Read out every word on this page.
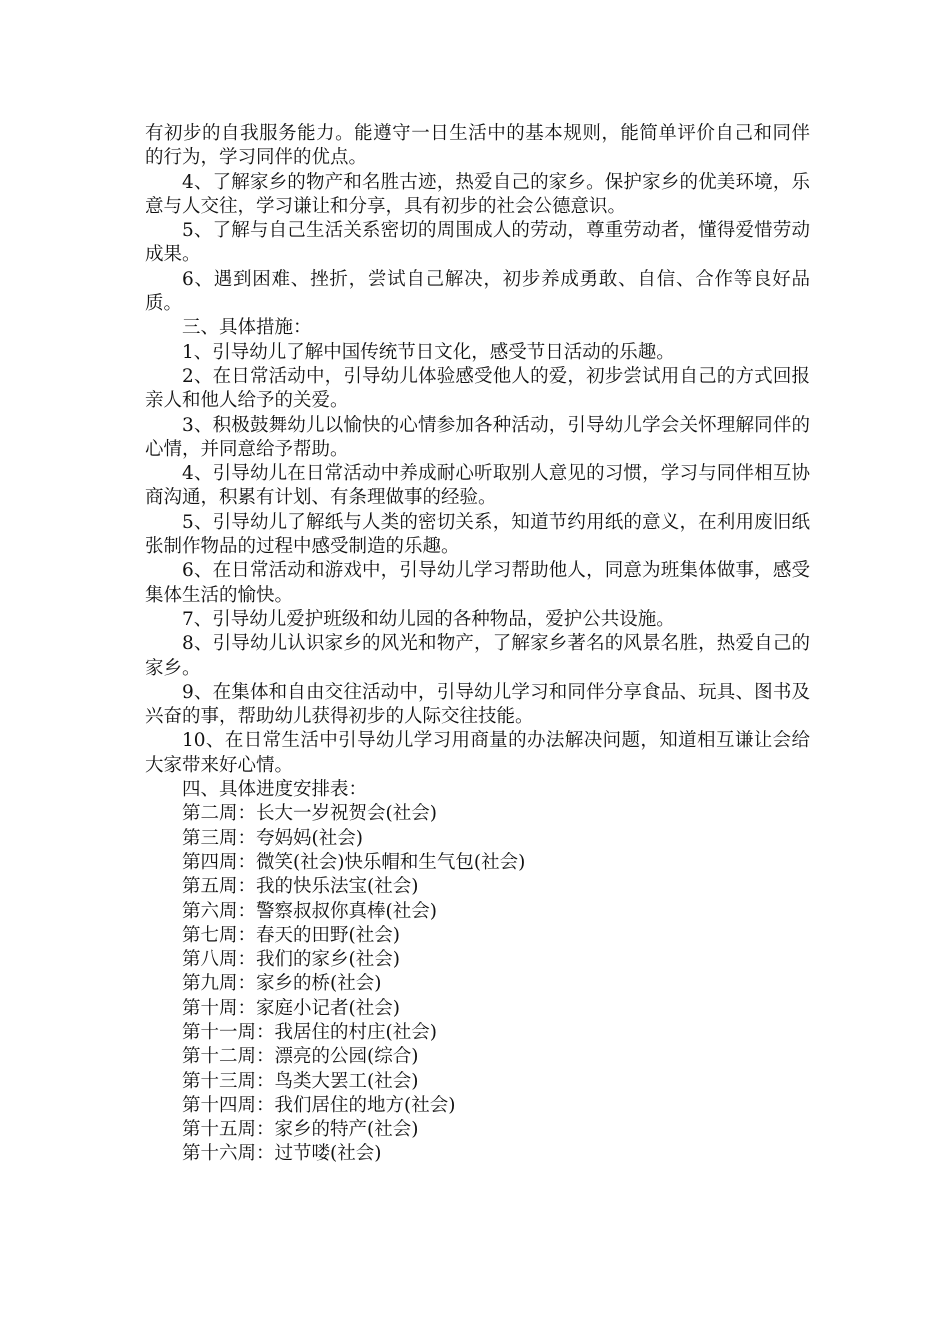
有初步的自我服务能力。能遵守一日生活中的基本规则，能简单评价自己和同伴的行为，学习同伴的优点。

4、了解家乡的物产和名胜古迹，热爱自己的家乡。保护家乡的优美环境，乐意与人交往，学习谦让和分享，具有初步的社会公德意识。

5、了解与自己生活关系密切的周围成人的劳动，尊重劳动者，懂得爱惜劳动成果。

6、遇到困难、挫折，尝试自己解决，初步养成勇敢、自信、合作等良好品质。

三、具体措施：

1、引导幼儿了解中国传统节日文化，感受节日活动的乐趣。

2、在日常活动中，引导幼儿体验感受他人的爱，初步尝试用自己的方式回报亲人和他人给予的关爱。

3、积极鼓舞幼儿以愉快的心情参加各种活动，引导幼儿学会关怀理解同伴的心情，并同意给予帮助。

4、引导幼儿在日常活动中养成耐心听取别人意见的习惯，学习与同伴相互协商沟通，积累有计划、有条理做事的经验。

5、引导幼儿了解纸与人类的密切关系，知道节约用纸的意义，在利用废旧纸张制作物品的过程中感受制造的乐趣。

6、在日常活动和游戏中，引导幼儿学习帮助他人，同意为班集体做事，感受集体生活的愉快。

7、引导幼儿爱护班级和幼儿园的各种物品，爱护公共设施。

8、引导幼儿认识家乡的风光和物产，了解家乡著名的风景名胜，热爱自己的家乡。

9、在集体和自由交往活动中，引导幼儿学习和同伴分享食品、玩具、图书及兴奋的事，帮助幼儿获得初步的人际交往技能。

10、在日常生活中引导幼儿学习用商量的办法解决问题，知道相互谦让会给大家带来好心情。

四、具体进度安排表：

第二周：长大一岁祝贺会(社会)
第三周：夸妈妈(社会)
第四周：微笑(社会)快乐帽和生气包(社会)
第五周：我的快乐法宝(社会)
第六周：警察叔叔你真棒(社会)
第七周：春天的田野(社会)
第八周：我们的家乡(社会)
第九周：家乡的桥(社会)
第十周：家庭小记者(社会)
第十一周：我居住的村庄(社会)
第十二周：漂亮的公园(综合)
第十三周：鸟类大罢工(社会)
第十四周：我们居住的地方(社会)
第十五周：家乡的特产(社会)
第十六周：过节喽(社会)
